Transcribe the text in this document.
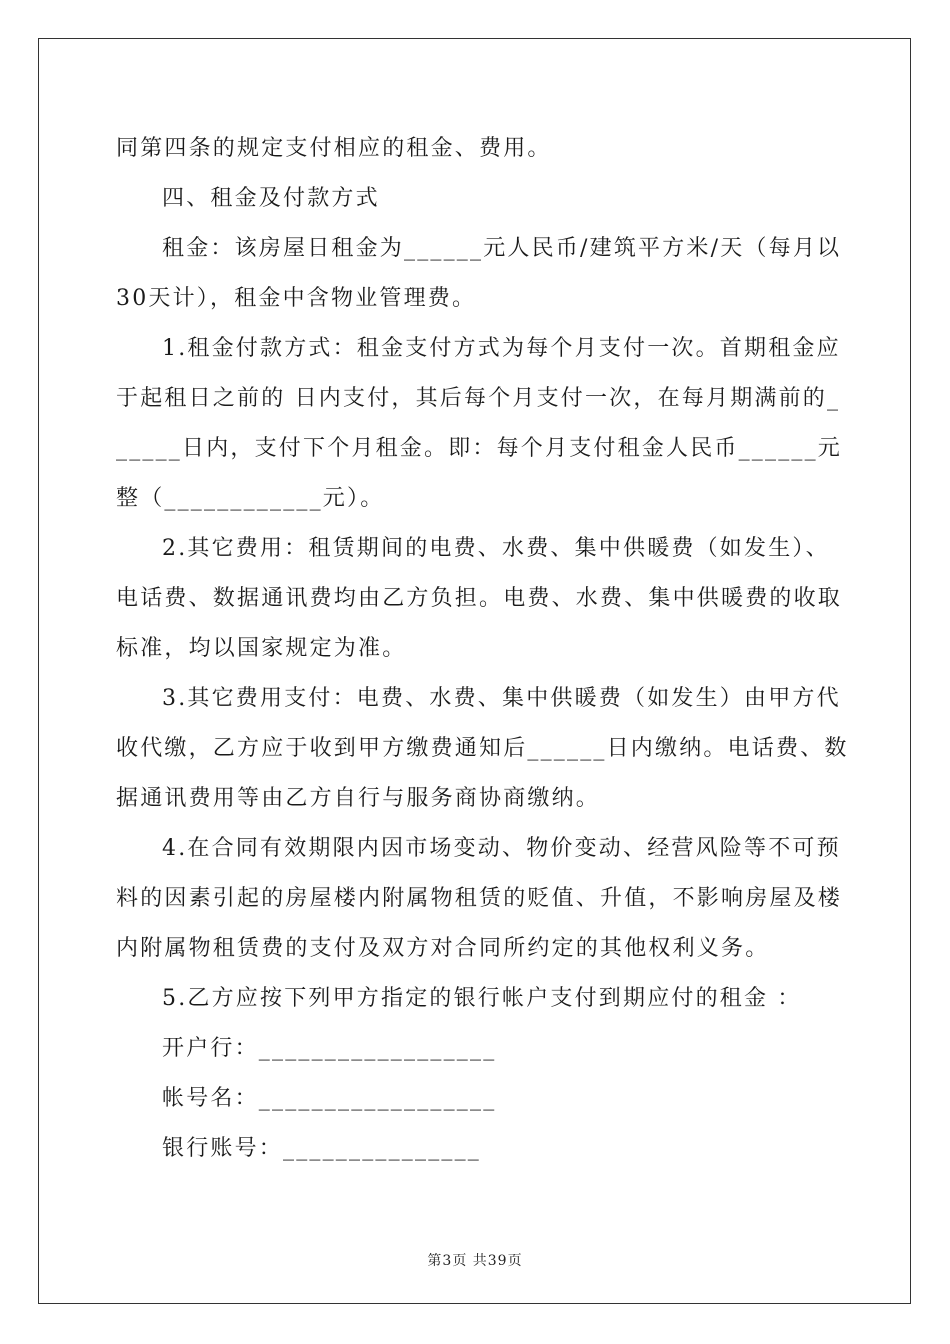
同第四条的规定支付相应的租金、费用。
四、租金及付款方式
租金：该房屋日租金为______元人民币/建筑平方米/天（每月以
30天计），租金中含物业管理费。
1.租金付款方式：租金支付方式为每个月支付一次。首期租金应
于起租日之前的 日内支付，其后每个月支付一次，在每月期满前的_
_____日内，支付下个月租金。即：每个月支付租金人民币______元
整（____________元）。
2.其它费用：租赁期间的电费、水费、集中供暖费（如发生）、
电话费、数据通讯费均由乙方负担。电费、水费、集中供暖费的收取
标准，均以国家规定为准。
3.其它费用支付：电费、水费、集中供暖费（如发生）由甲方代
收代缴，乙方应于收到甲方缴费通知后______日内缴纳。电话费、数
据通讯费用等由乙方自行与服务商协商缴纳。
4.在合同有效期限内因市场变动、物价变动、经营风险等不可预
料的因素引起的房屋楼内附属物租赁的贬值、升值，不影响房屋及楼
内附属物租赁费的支付及双方对合同所约定的其他权利义务。
5.乙方应按下列甲方指定的银行帐户支付到期应付的租金 ：
开户行：__________________
帐号名：__________________
银行账号：_______________
第3页 共39页
